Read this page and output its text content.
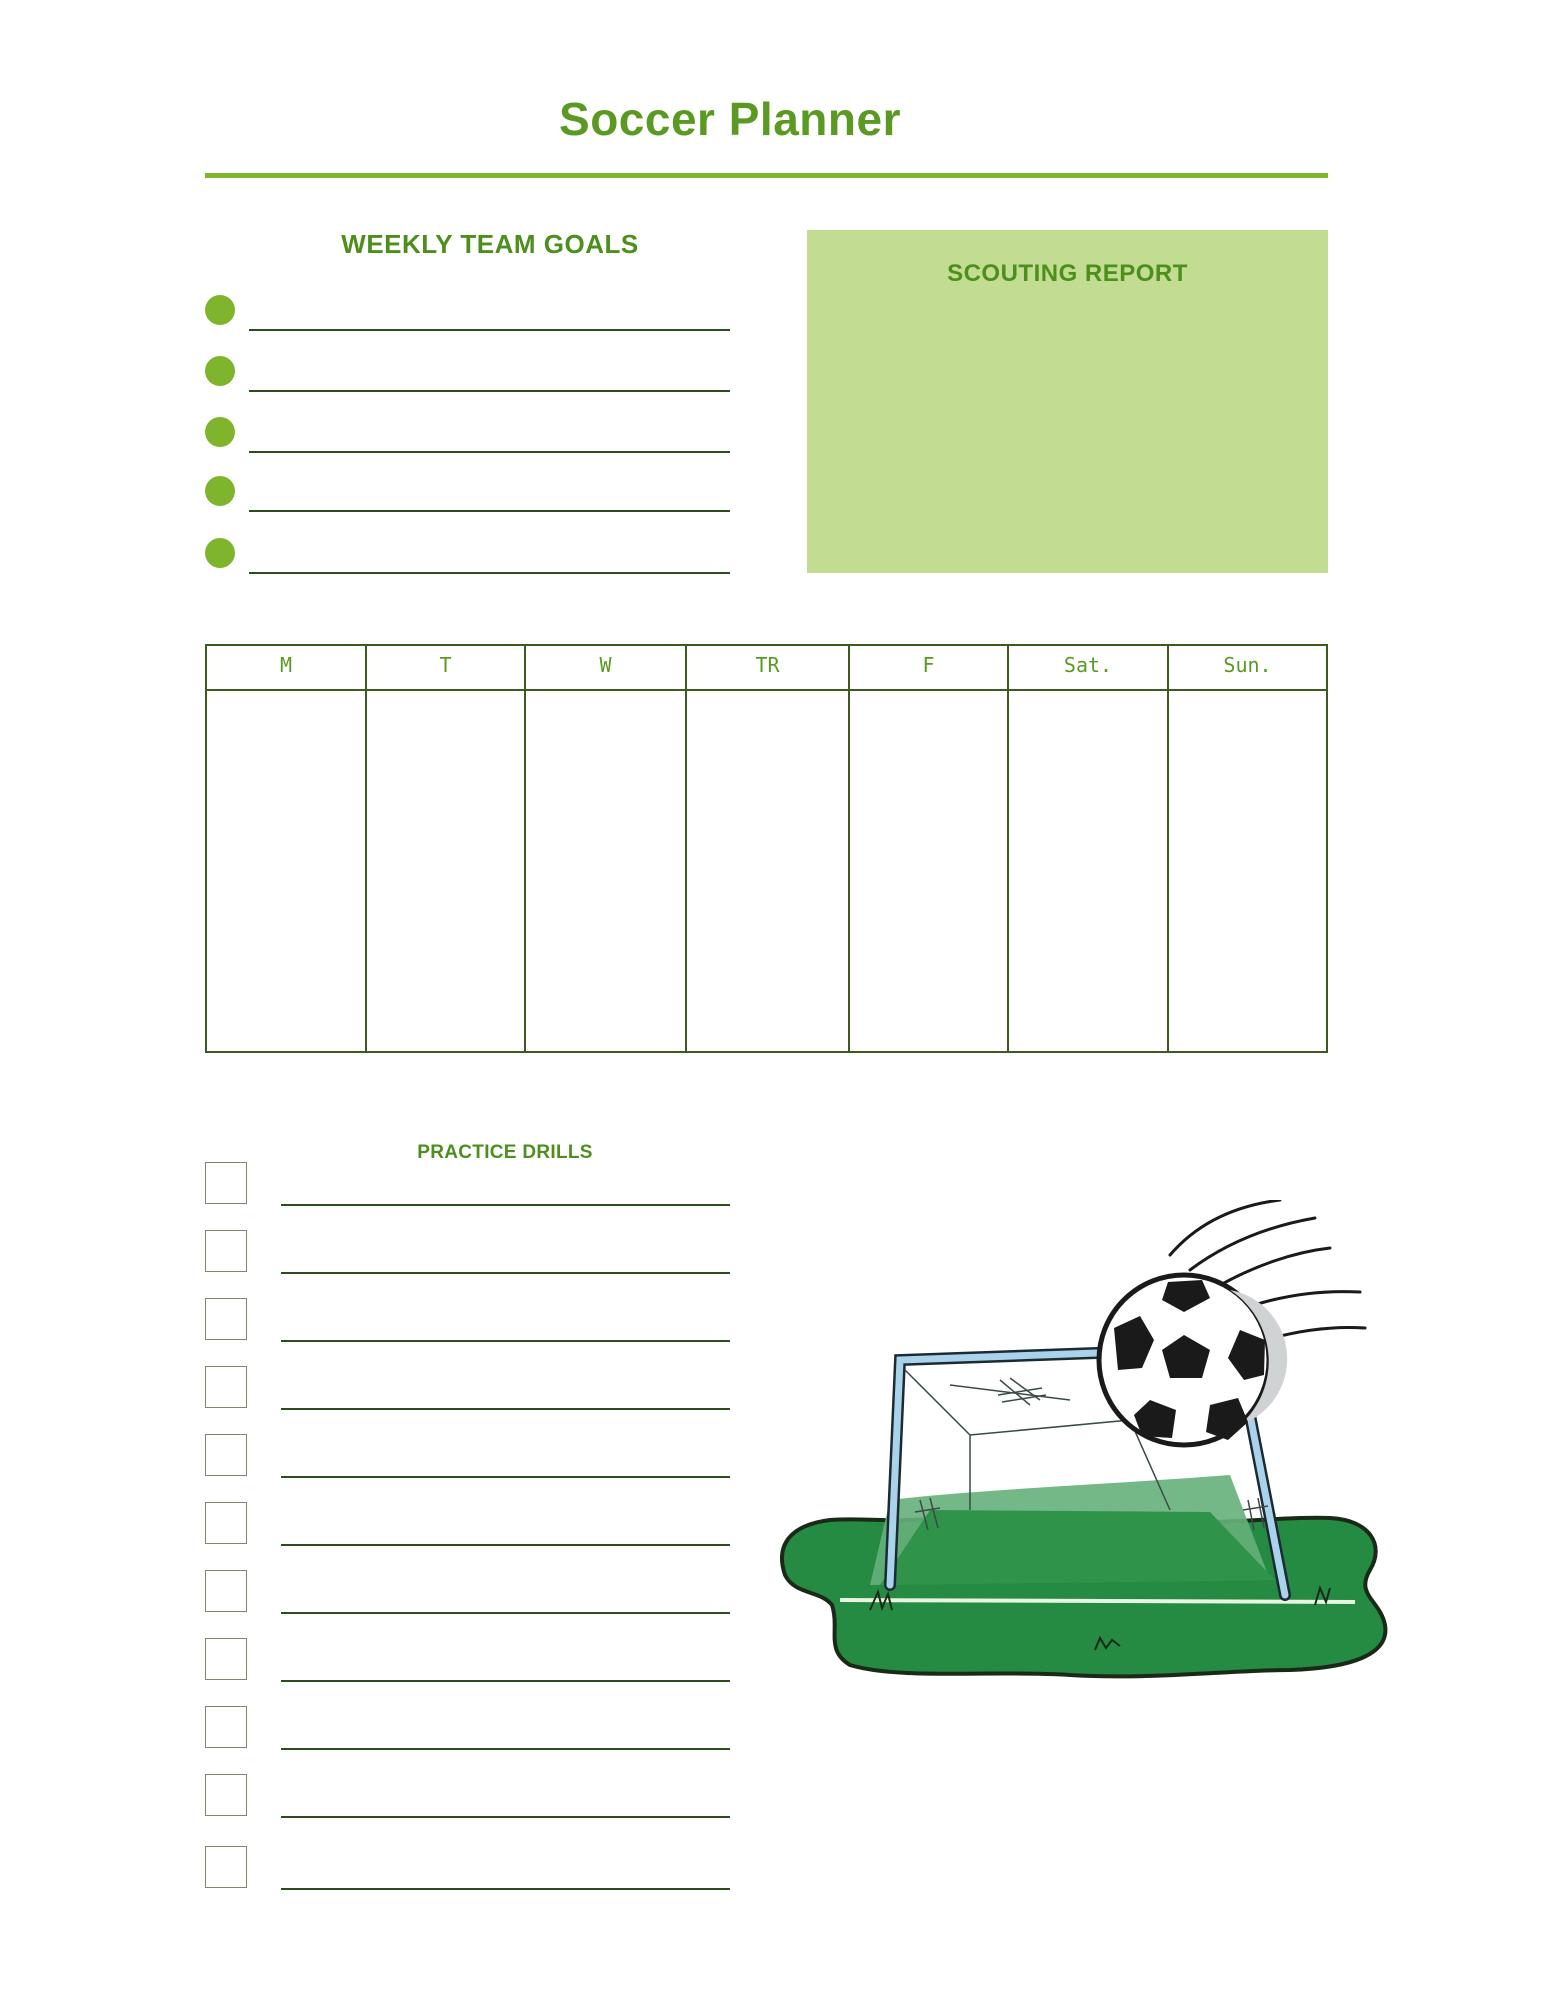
Soccer Planner
WEEKLY TEAM GOALS
SCOUTING REPORT
M	T	W	TR	F	Sat.	Sun.
PRACTICE DRILLS
